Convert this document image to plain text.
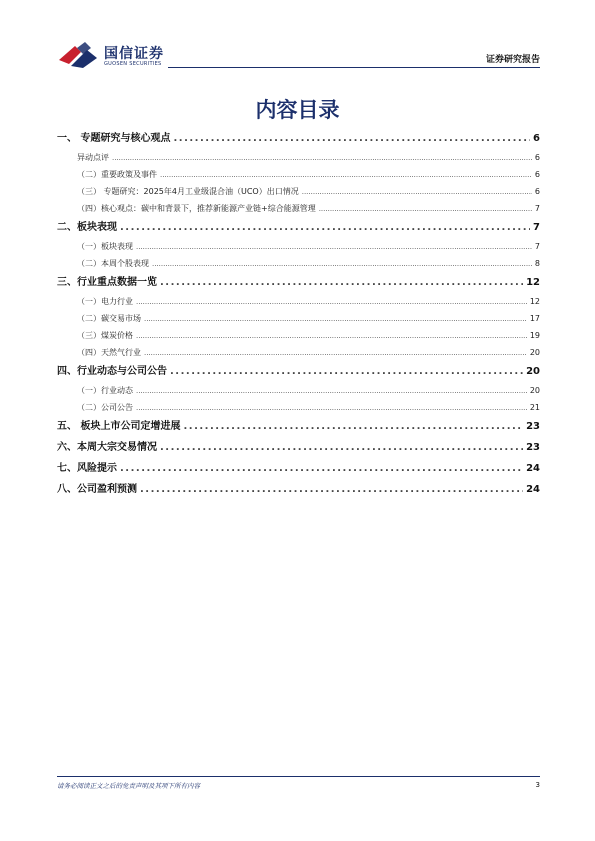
国信证券
GUOSEN SECURITIES	证券研究报告
内容目录
一、 专题研究与核心观点 .....	6
异动点评 .....	6
（二）重要政策及事件 .....	6
（三） 专题研究：2025年4月工业级混合油（UCO）出口情况 .....	6
（四）核心观点：碳中和背景下，推荐新能源产业链+综合能源管理 .....	7
二、板块表现 .....	7
（一）板块表现 .....	7
（二）本周个股表现 .....	8
三、行业重点数据一览 .....	12
（一）电力行业 .....	12
（二）碳交易市场 .....	17
（三）煤炭价格 .....	19
（四）天然气行业 .....	20
四、行业动态与公司公告 .....	20
（一）行业动态 .....	20
（二）公司公告 .....	21
五、 板块上市公司定增进展 .....	23
六、本周大宗交易情况 .....	23
七、风险提示 .....	24
八、公司盈利预测 .....	24
请务必阅读正文之后的免责声明及其项下所有内容	3
